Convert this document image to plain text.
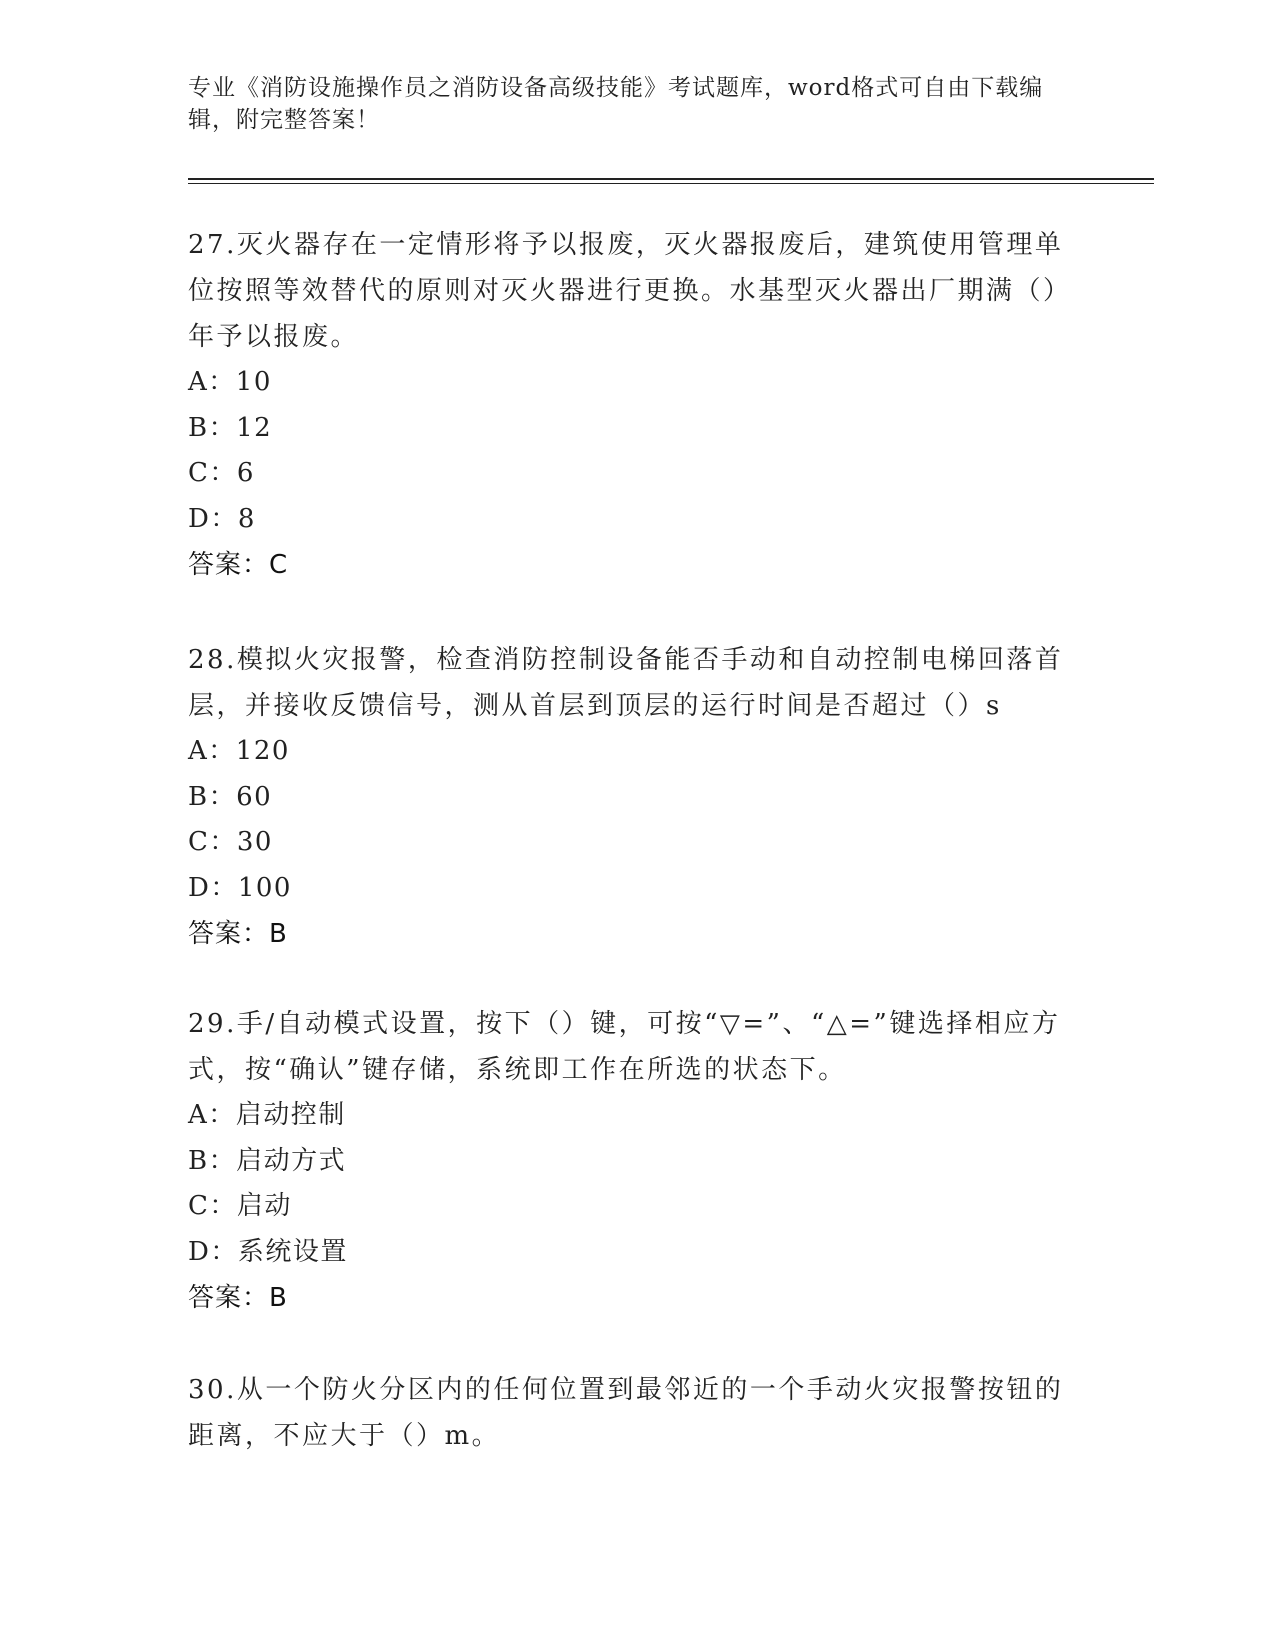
专业《消防设施操作员之消防设备高级技能》考试题库，word格式可自由下载编辑，附完整答案！

27.灭火器存在一定情形将予以报废，灭火器报废后，建筑使用管理单位按照等效替代的原则对灭火器进行更换。水基型灭火器出厂期满（）年予以报废。

A：10

B：12

C：6

D：8

答案：C

28.模拟火灾报警，检查消防控制设备能否手动和自动控制电梯回落首层，并接收反馈信号，测从首层到顶层的运行时间是否超过（）s

A：120

B：60

C：30

D：100

答案：B

29.手/自动模式设置，按下（）键，可按“▽=”、“△=”键选择相应方式，按“确认”键存储，系统即工作在所选的状态下。

A：启动控制

B：启动方式

C：启动

D：系统设置

答案：B

30.从一个防火分区内的任何位置到最邻近的一个手动火灾报警按钮的距离，不应大于（）m。
